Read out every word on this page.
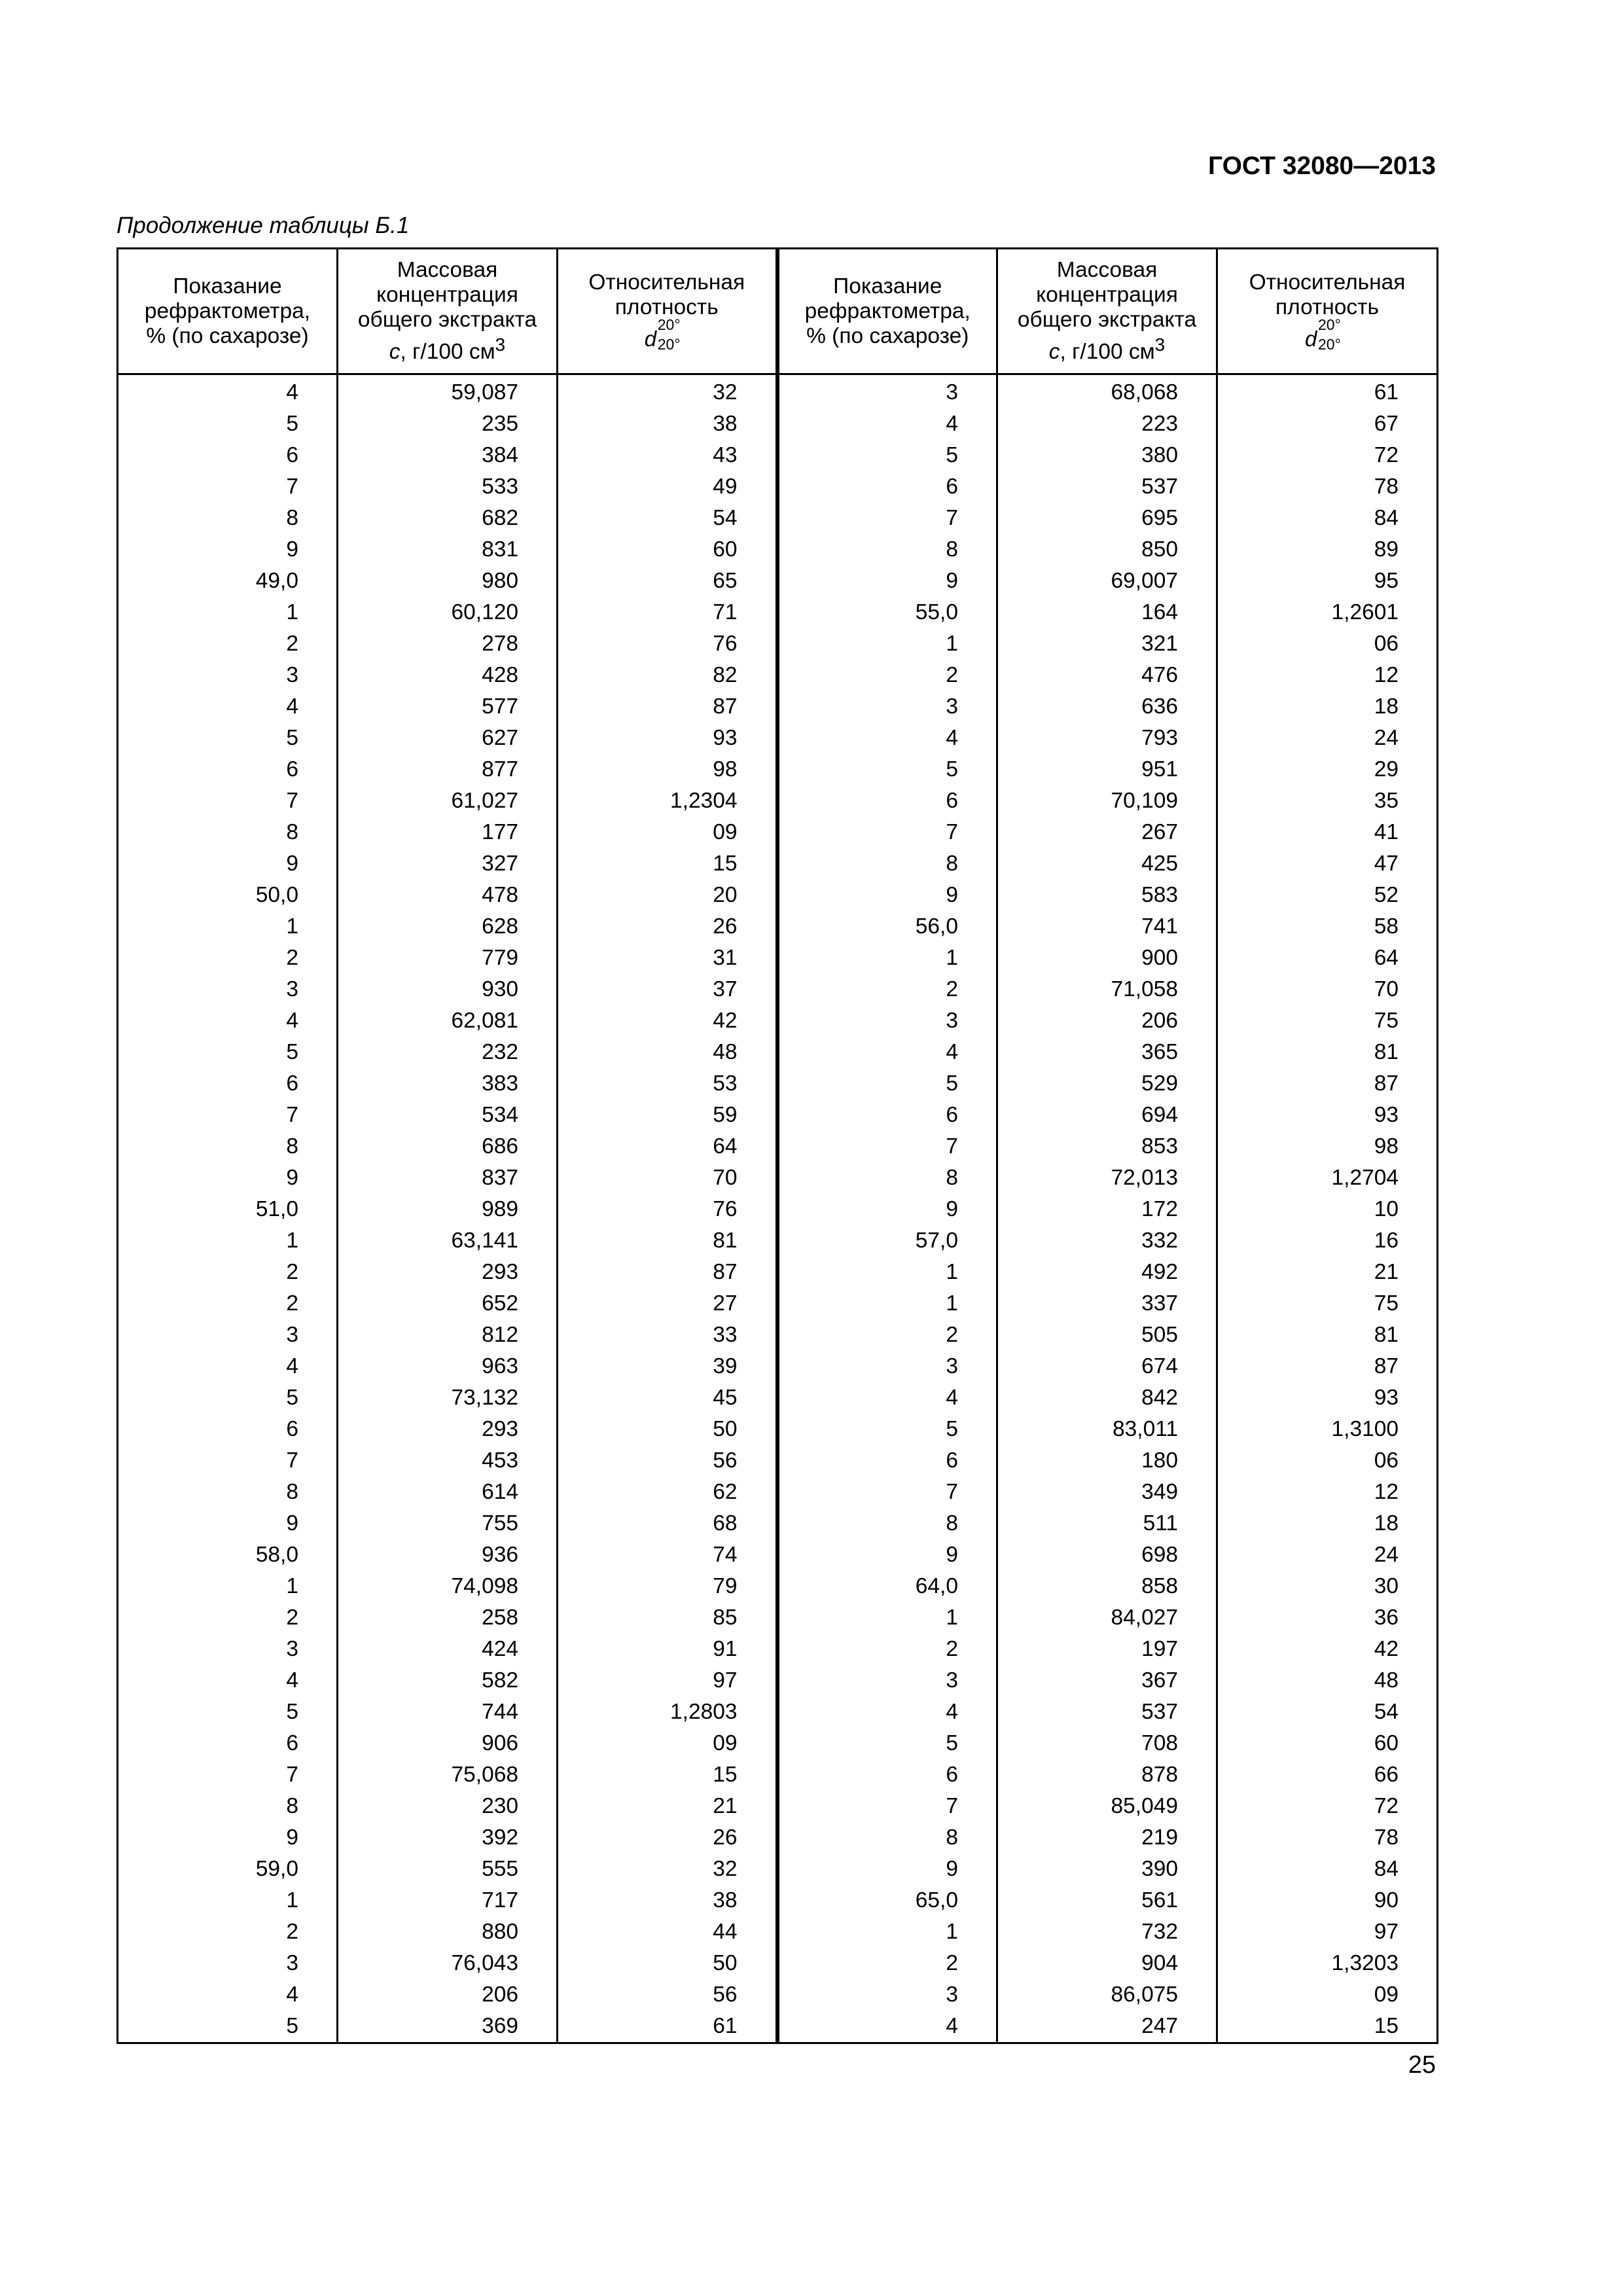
ГОСТ 32080—2013
Продолжение таблицы Б.1
Показание
рефрактометра,
% (по сахарозе)	Массовая
концентрация
общего экстракта
c, г/100 $см^3$	Относительная
плотность

d
20°
20°	Показание
рефрактометра,
% (по сахарозе)	Массовая
концентрация
общего экстракта
c, г/100 $см^3$	Относительная
плотность

d
20°
20°

4	59,087	32	3	68,068	61
5	235	38	4	223	67
6	384	43	5	380	72
7	533	49	6	537	78
8	682	54	7	695	84
9	831	60	8	850	89
49,0	980	65	9	69,007	95
1	60,120	71	55,0	164	1,2601
2	278	76	1	321	06
3	428	82	2	476	12
4	577	87	3	636	18
5	627	93	4	793	24
6	877	98	5	951	29
7	61,027	1,2304	6	70,109	35
8	177	09	7	267	41
9	327	15	8	425	47
50,0	478	20	9	583	52
1	628	26	56,0	741	58
2	779	31	1	900	64
3	930	37	2	71,058	70
4	62,081	42	3	206	75
5	232	48	4	365	81
6	383	53	5	529	87
7	534	59	6	694	93
8	686	64	7	853	98
9	837	70	8	72,013	1,2704
51,0	989	76	9	172	10
1	63,141	81	57,0	332	16
2	293	87	1	492	21
2	652	27	1	337	75
3	812	33	2	505	81
4	963	39	3	674	87
5	73,132	45	4	842	93
6	293	50	5	83,011	1,3100
7	453	56	6	180	06
8	614	62	7	349	12
9	755	68	8	511	18
58,0	936	74	9	698	24
1	74,098	79	64,0	858	30
2	258	85	1	84,027	36
3	424	91	2	197	42
4	582	97	3	367	48
5	744	1,2803	4	537	54
6	906	09	5	708	60
7	75,068	15	6	878	66
8	230	21	7	85,049	72
9	392	26	8	219	78
59,0	555	32	9	390	84
1	717	38	65,0	561	90
2	880	44	1	732	97
3	76,043	50	2	904	1,3203
4	206	56	3	86,075	09
5	369	61	4	247	15
25
